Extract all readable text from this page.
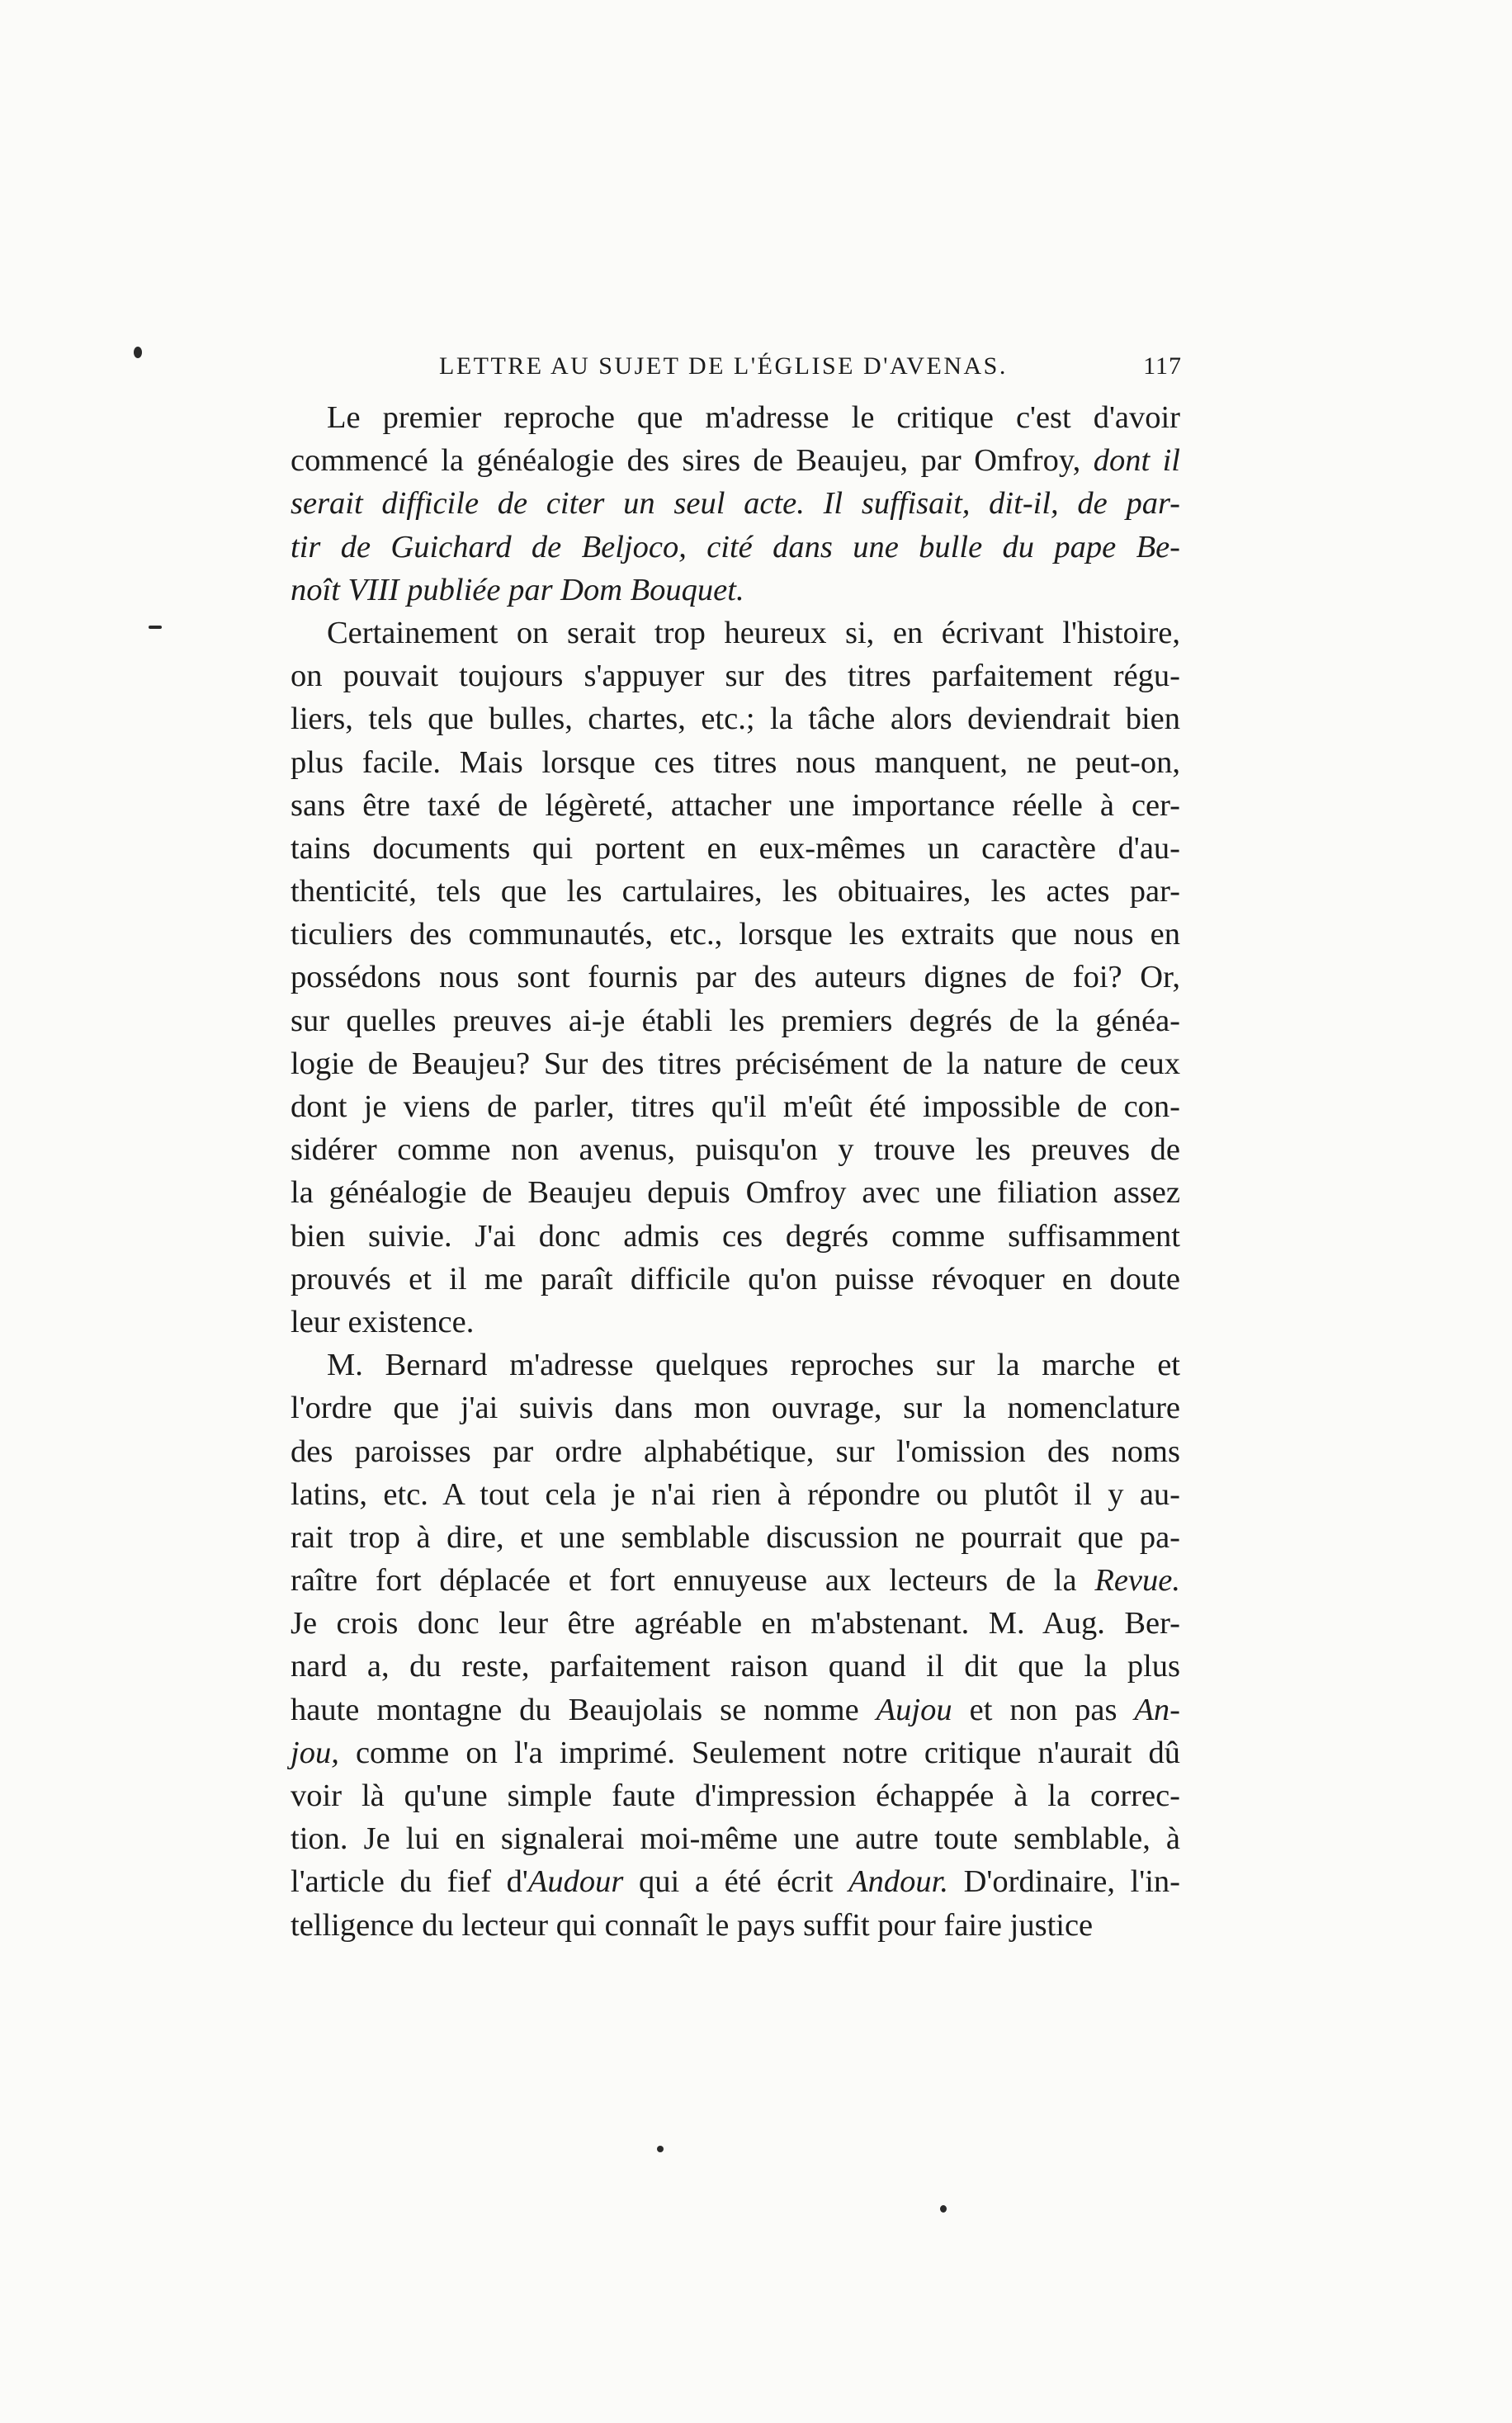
LETTRE AU SUJET DE L'ÉGLISE D'AVENAS.	117
Le premier reproche que m'adresse le critique c'est d'avoir
commencé la généalogie des sires de Beaujeu, par Omfroy, dont il
serait difficile de citer un seul acte. Il suffisait, dit-il, de par-
tir de Guichard de Beljoco, cité dans une bulle du pape Be-
noît VIII publiée par Dom Bouquet.
Certainement on serait trop heureux si, en écrivant l'histoire,
on pouvait toujours s'appuyer sur des titres parfaitement régu-
liers, tels que bulles, chartes, etc.; la tâche alors deviendrait bien
plus facile. Mais lorsque ces titres nous manquent, ne peut-on,
sans être taxé de légèreté, attacher une importance réelle à cer-
tains documents qui portent en eux-mêmes un caractère d'au-
thenticité, tels que les cartulaires, les obituaires, les actes par-
ticuliers des communautés, etc., lorsque les extraits que nous en
possédons nous sont fournis par des auteurs dignes de foi? Or,
sur quelles preuves ai-je établi les premiers degrés de la généa-
logie de Beaujeu? Sur des titres précisément de la nature de ceux
dont je viens de parler, titres qu'il m'eût été impossible de con-
sidérer comme non avenus, puisqu'on y trouve les preuves de
la généalogie de Beaujeu depuis Omfroy avec une filiation assez
bien suivie. J'ai donc admis ces degrés comme suffisamment
prouvés et il me paraît difficile qu'on puisse révoquer en doute
leur existence.
M. Bernard m'adresse quelques reproches sur la marche et
l'ordre que j'ai suivis dans mon ouvrage, sur la nomenclature
des paroisses par ordre alphabétique, sur l'omission des noms
latins, etc. A tout cela je n'ai rien à répondre ou plutôt il y au-
rait trop à dire, et une semblable discussion ne pourrait que pa-
raître fort déplacée et fort ennuyeuse aux lecteurs de la Revue.
Je crois donc leur être agréable en m'abstenant. M. Aug. Ber-
nard a, du reste, parfaitement raison quand il dit que la plus
haute montagne du Beaujolais se nomme Aujou et non pas An-
jou, comme on l'a imprimé. Seulement notre critique n'aurait dû
voir là qu'une simple faute d'impression échappée à la correc-
tion. Je lui en signalerai moi-même une autre toute semblable, à
l'article du fief d'Audour qui a été écrit Andour. D'ordinaire, l'in-
telligence du lecteur qui connaît le pays suffit pour faire justice
